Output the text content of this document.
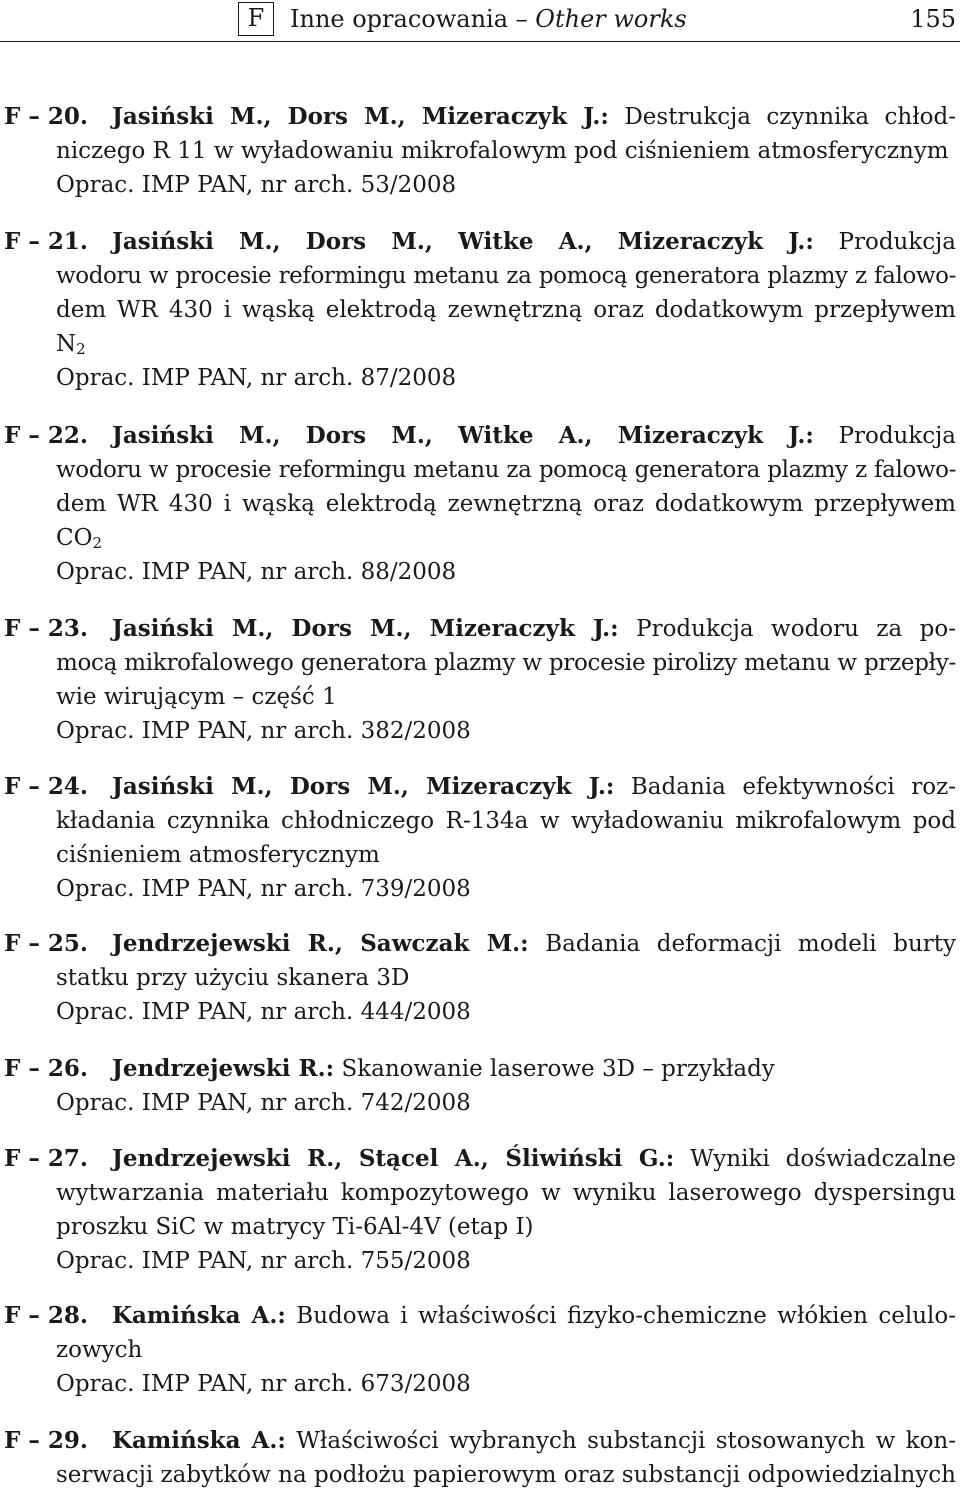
F	Inne opracowania – Other works	155
F – 20. Jasiński M., Dors M., Mizeraczyk J.: Destrukcja czynnika chłod-
niczego R 11 w wyładowaniu mikrofalowym pod ciśnieniem atmosferycznym
Oprac. IMP PAN, nr arch. 53/2008
F – 21. Jasiński M., Dors M., Witke A., Mizeraczyk J.: Produkcja
wodoru w procesie reformingu metanu za pomocą generatora plazmy z falowo-
dem WR 430 i wąską elektrodą zewnętrzną oraz dodatkowym przepływem
$N_2$
Oprac. IMP PAN, nr arch. 87/2008
F – 22. Jasiński M., Dors M., Witke A., Mizeraczyk J.: Produkcja
wodoru w procesie reformingu metanu za pomocą generatora plazmy z falowo-
dem WR 430 i wąską elektrodą zewnętrzną oraz dodatkowym przepływem
$CO_2$
Oprac. IMP PAN, nr arch. 88/2008
F – 23. Jasiński M., Dors M., Mizeraczyk J.: Produkcja wodoru za po-
mocą mikrofalowego generatora plazmy w procesie pirolizy metanu w przepły-
wie wirującym – część 1
Oprac. IMP PAN, nr arch. 382/2008
F – 24. Jasiński M., Dors M., Mizeraczyk J.: Badania efektywności roz-
kładania czynnika chłodniczego R-134a w wyładowaniu mikrofalowym pod
ciśnieniem atmosferycznym
Oprac. IMP PAN, nr arch. 739/2008
F – 25. Jendrzejewski R., Sawczak M.: Badania deformacji modeli burty
statku przy użyciu skanera 3D
Oprac. IMP PAN, nr arch. 444/2008
F – 26. Jendrzejewski R.: Skanowanie laserowe 3D – przykłady
Oprac. IMP PAN, nr arch. 742/2008
F – 27. Jendrzejewski R., Stącel A., Śliwiński G.: Wyniki doświadczalne
wytwarzania materiału kompozytowego w wyniku laserowego dyspersingu
proszku SiC w matrycy Ti-6Al-4V (etap I)
Oprac. IMP PAN, nr arch. 755/2008
F – 28. Kamińska A.: Budowa i właściwości fizyko-chemiczne włókien celulo-
zowych
Oprac. IMP PAN, nr arch. 673/2008
F – 29. Kamińska A.: Właściwości wybranych substancji stosowanych w kon-
serwacji zabytków na podłożu papierowym oraz substancji odpowiedzialnych
